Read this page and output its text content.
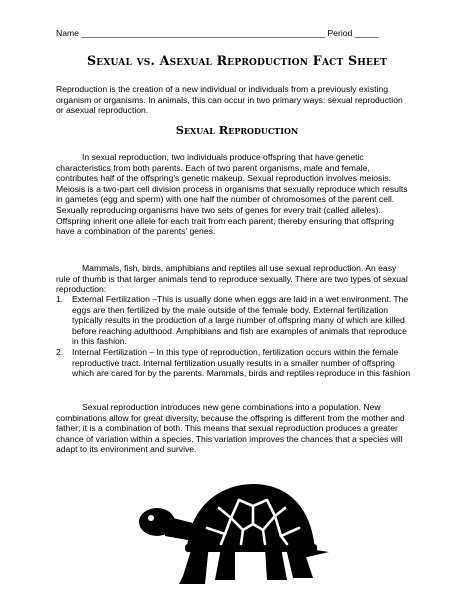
Name ___________________________________________________ Period _____
Sexual vs. Asexual Reproduction Fact Sheet
Reproduction is the creation of a new individual or individuals from a previously existing organism or organisms. In animals, this can occur in two primary ways: sexual reproduction or asexual reproduction.
Sexual Reproduction

In sexual reproduction, two individuals produce offspring that have genetic characteristics from both parents. Each of two parent organisms, male and female, contributes half of the offspring's genetic makeup. Sexual reproduction involves meiosis. Meiosis is a two-part cell division process in organisms that sexually reproduce which results in gametes (egg and sperm) with one half the number of chromosomes of the parent cell. Sexually reproducing organisms have two sets of genes for every trait (called alleles). Offspring inherit one allele for each trait from each parent, thereby ensuring that offspring have a combination of the parents' genes.

Mammals, fish, birds, amphibians and reptiles all use sexual reproduction. An easy rule of thumb is that larger animals tend to reproduce sexually. There are two types of sexual reproduction:

1. External Fertilization –This is usually done when eggs are laid in a wet environment. The eggs are then fertilized by the male outside of the female body. External fertilization typically results in the production of a large number of offspring many of which are killed before reaching adulthood. Amphibians and fish are examples of animals that reproduce in this fashion.
2. Internal Fertilization – In this type of reproduction, fertilization occurs within the female reproductive tract. Internal fertilization usually results in a smaller number of offspring which are cared for by the parents. Mammals, birds and reptiles reproduce in this fashion

Sexual reproduction introduces new gene combinations into a population. New combinations allow for great diversity, because the offspring is different from the mother and father; it is a combination of both. This means that sexual reproduction produces a greater chance of variation within a species. This variation improves the chances that a species will adapt to its environment and survive.
